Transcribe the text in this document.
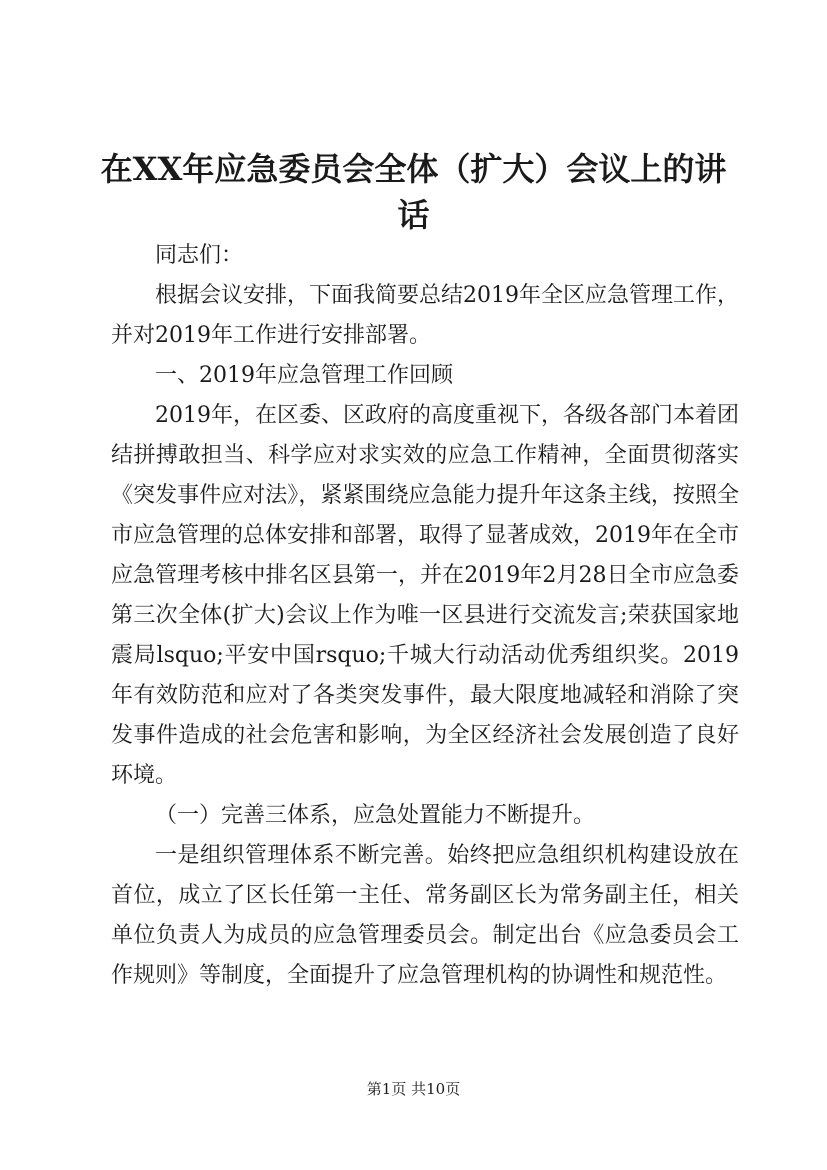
在XX年应急委员会全体（扩大）会议上的讲话

同志们：

根据会议安排，下面我简要总结2019年全区应急管理工作，并对2019年工作进行安排部署。

一、2019年应急管理工作回顾

2019年，在区委、区政府的高度重视下，各级各部门本着团结拼搏敢担当、科学应对求实效的应急工作精神，全面贯彻落实《突发事件应对法》，紧紧围绕应急能力提升年这条主线，按照全市应急管理的总体安排和部署，取得了显著成效，2019年在全市应急管理考核中排名区县第一，并在2019年2月28日全市应急委第三次全体(扩大)会议上作为唯一区县进行交流发言;荣获国家地震局lsquo;平安中国rsquo;千城大行动活动优秀组织奖。2019年有效防范和应对了各类突发事件，最大限度地减轻和消除了突发事件造成的社会危害和影响，为全区经济社会发展创造了良好环境。

（一）完善三体系，应急处置能力不断提升。

一是组织管理体系不断完善。始终把应急组织机构建设放在首位，成立了区长任第一主任、常务副区长为常务副主任，相关单位负责人为成员的应急管理委员会。制定出台《应急委员会工作规则》等制度，全面提升了应急管理机构的协调性和规范性。

第1页 共10页
